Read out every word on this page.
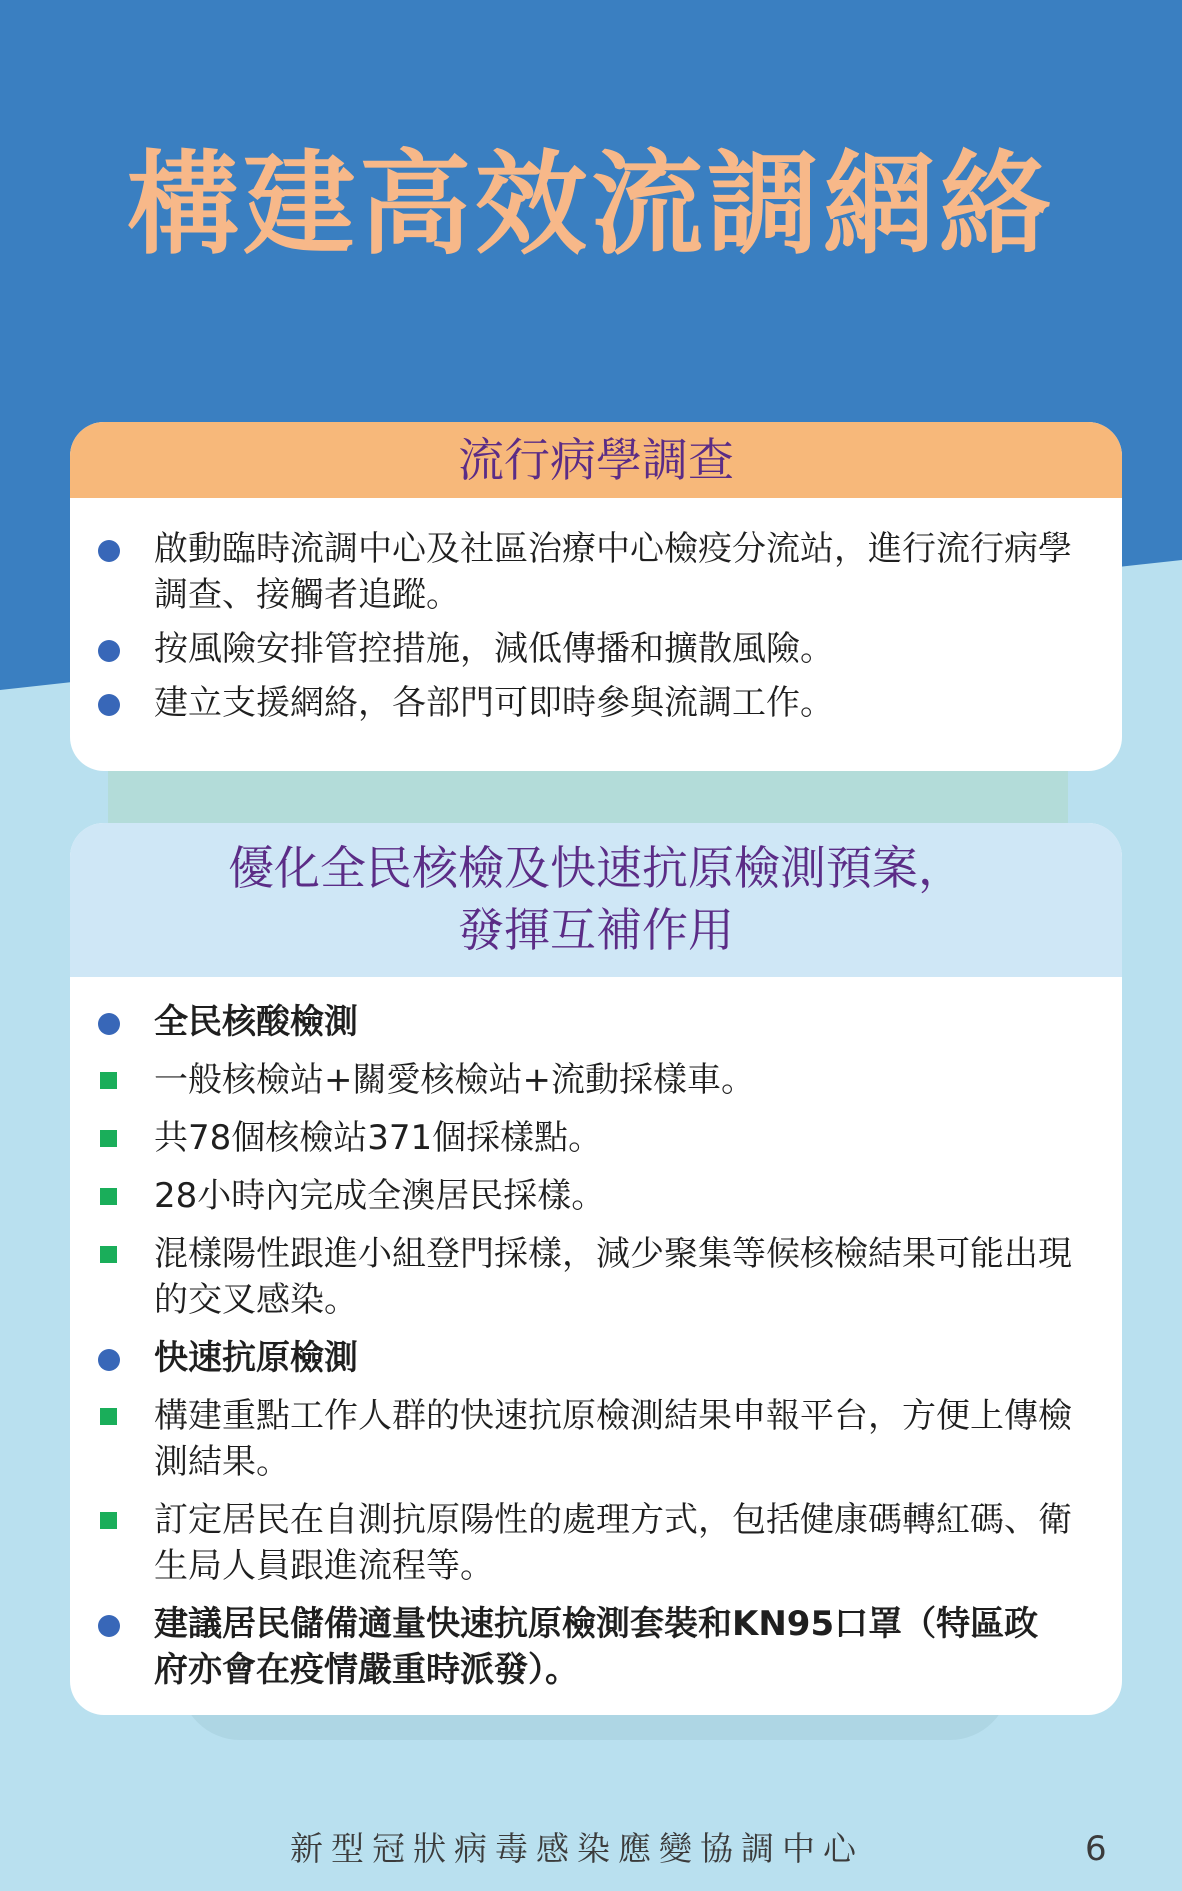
構建高效流調網絡
流行病學調查
啟動臨時流調中心及社區治療中心檢疫分流站，進行流行病學調查、接觸者追蹤。
按風險安排管控措施，減低傳播和擴散風險。
建立支援網絡，各部門可即時參與流調工作。
優化全民核檢及快速抗原檢測預案，
發揮互補作用
全民核酸檢測
一般核檢站+關愛核檢站+流動採樣車。
共78個核檢站371個採樣點。
28小時內完成全澳居民採樣。
混樣陽性跟進小組登門採樣，減少聚集等候核檢結果可能出現的交叉感染。
快速抗原檢測
構建重點工作人群的快速抗原檢測結果申報平台，方便上傳檢測結果。
訂定居民在自測抗原陽性的處理方式，包括健康碼轉紅碼、衛生局人員跟進流程等。
建議居民儲備適量快速抗原檢測套裝和KN95口罩（特區政府亦會在疫情嚴重時派發）。
新型冠狀病毒感染應變協調中心	6
